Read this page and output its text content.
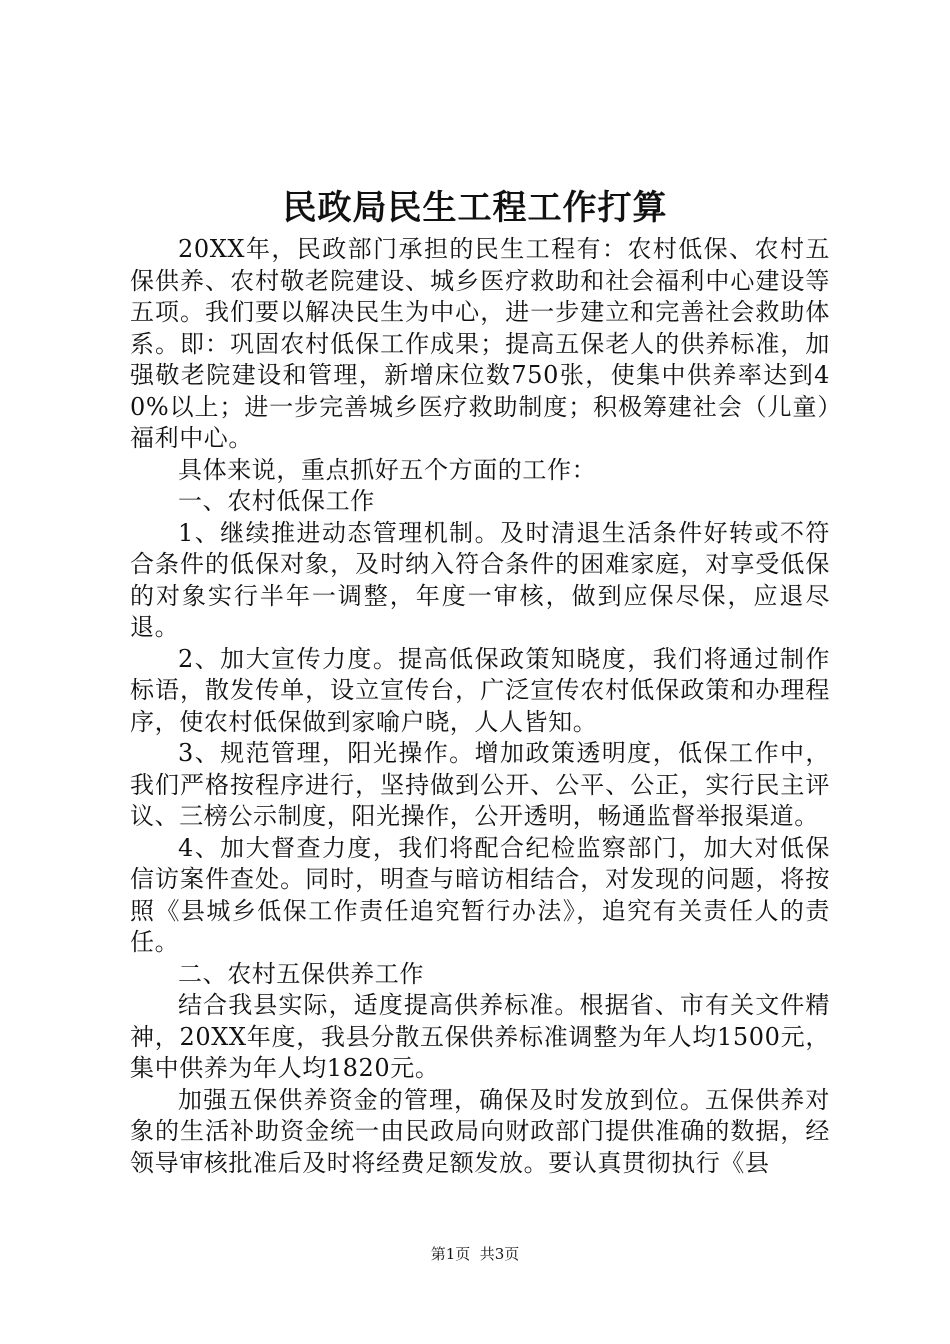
民政局民生工程工作打算

20XX年，民政部门承担的民生工程有：农村低保、农村五保供养、农村敬老院建设、城乡医疗救助和社会福利中心建设等五项。我们要以解决民生为中心，进一步建立和完善社会救助体系。即：巩固农村低保工作成果；提高五保老人的供养标准，加强敬老院建设和管理，新增床位数750张，使集中供养率达到40%以上；进一步完善城乡医疗救助制度；积极筹建社会（儿童）福利中心。

具体来说，重点抓好五个方面的工作：

一、农村低保工作

1、继续推进动态管理机制。及时清退生活条件好转或不符合条件的低保对象，及时纳入符合条件的困难家庭，对享受低保的对象实行半年一调整，年度一审核，做到应保尽保，应退尽退。

2、加大宣传力度。提高低保政策知晓度，我们将通过制作标语，散发传单，设立宣传台，广泛宣传农村低保政策和办理程序，使农村低保做到家喻户晓，人人皆知。

3、规范管理，阳光操作。增加政策透明度，低保工作中，我们严格按程序进行，坚持做到公开、公平、公正，实行民主评议、三榜公示制度，阳光操作，公开透明，畅通监督举报渠道。

4、加大督查力度，我们将配合纪检监察部门，加大对低保信访案件查处。同时，明查与暗访相结合，对发现的问题，将按照《县城乡低保工作责任追究暂行办法》，追究有关责任人的责任。

二、农村五保供养工作

结合我县实际，适度提高供养标准。根据省、市有关文件精神，20XX年度，我县分散五保供养标准调整为年人均1500元，集中供养为年人均1820元。

加强五保供养资金的管理，确保及时发放到位。五保供养对象的生活补助资金统一由民政局向财政部门提供准确的数据，经领导审核批准后及时将经费足额发放。要认真贯彻执行《县

第1页  共3页
